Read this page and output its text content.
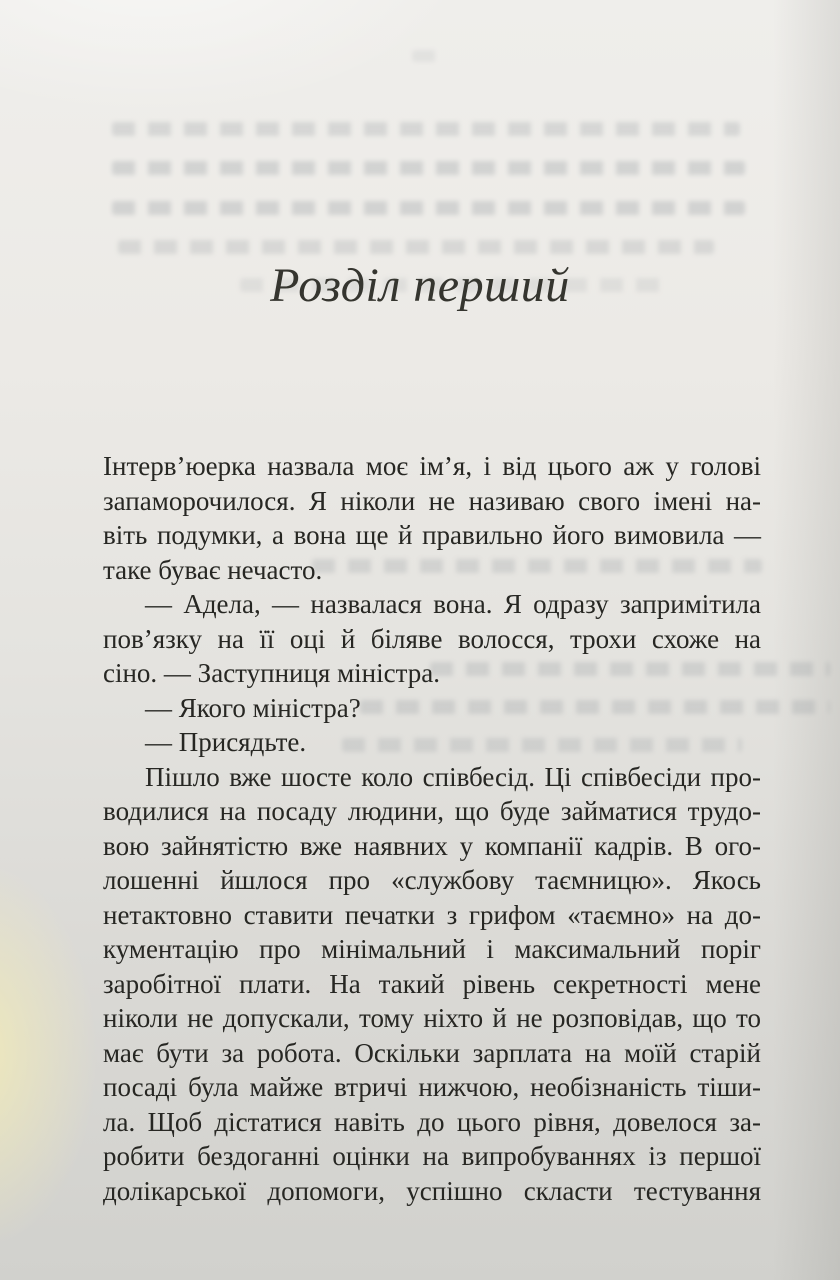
Розділ перший
Інтерв’юерка назвала моє ім’я, і від цього аж у голові
запаморочилося. Я ніколи не називаю свого імені на-
віть подумки, а вона ще й правильно його вимовила —
таке буває нечасто.
— Адела, — назвалася вона. Я одразу запримітила
пов’язку на її оці й біляве волосся, трохи схоже на
сіно. — Заступниця міністра.
— Якого міністра?
— Присядьте.
Пішло вже шосте коло співбесід. Ці співбесіди про-
водилися на посаду людини, що буде займатися трудо-
вою зайнятістю вже наявних у компанії кадрів. В ого-
лошенні йшлося про «службову таємницю». Якось
нетактовно ставити печатки з грифом «таємно» на до-
кументацію про мінімальний і максимальний поріг
заробітної плати. На такий рівень секретності мене
ніколи не допускали, тому ніхто й не розповідав, що то
має бути за робота. Оскільки зарплата на моїй старій
посаді була майже втричі нижчою, необізнаність тіши-
ла. Щоб дістатися навіть до цього рівня, довелося за-
робити бездоганні оцінки на випробуваннях із першої
долікарської допомоги, успішно скласти тестування
